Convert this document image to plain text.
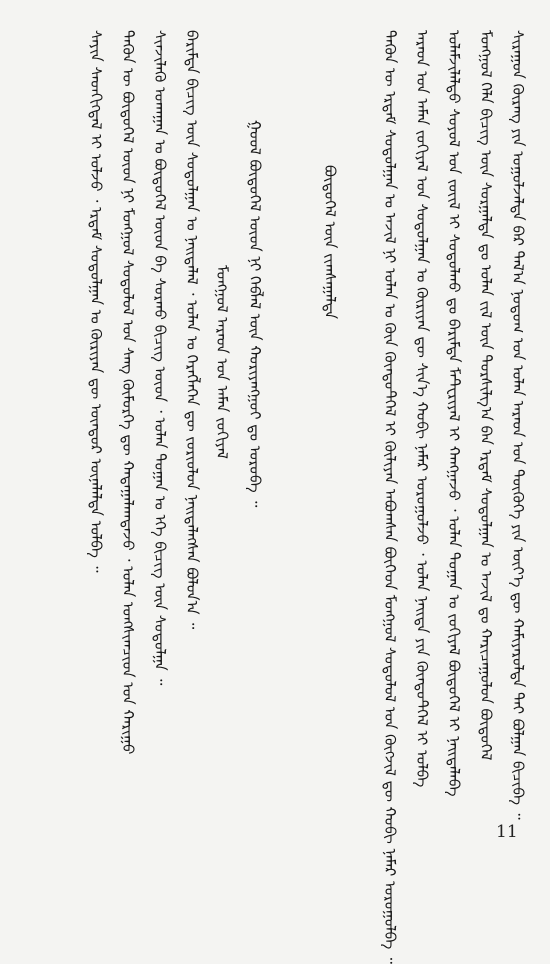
ᠰᠢᠷᠠᠭᠤᠨ ᠬᠦᠷᠡᠩ ᠶᠢᠨ ᠤᠭᠤᠯᠵᠠᠯᠲᠠ ᠪᠡᠷ ᠲᠠᠯ᠎ᠠ ᠨᠤᠲᠤᠭ ᠤᠨ ᠣᠯᠠᠨ ᠠᠷᠠᠳ ᠤᠨ ᠲᠦᠭᠦᠬᠡ ᠶᠢᠨ ᠦᠶ᠎ᠡ ᠳᠦ ᠬᠠᠮᠢᠶᠠᠷᠤᠯᠲᠠ ᠲᠠᠢ ᠪᠣᠯᠭᠠᠨ ᠪᠢᠴᠢᠪᠡ ᠃
ᠮᠣᠩᠭᠣᠯ ᠬᠡᠯᠡ ᠪᠢᠴᠢᠭ ᠦᠨ ᠰᠤᠷᠭᠠᠯᠲᠠ ᠳᠤ ᠣᠯᠠᠨ ᠵᠢᠯ ᠦᠨ ᠲᠤᠷᠰᠢᠯᠭ᠎ᠠ ᠪᠠᠨ ᠡᠷᠳᠡᠮ ᠰᠤᠳᠤᠯᠭᠠᠨ ᠤ ᠠᠵᠢᠯ ᠳᠤ ᠬᠠᠷᠢᠴᠠᠭᠤᠯᠤᠨ ᠪᠦᠲᠦᠭᠡᠯ
ᠤᠯᠠᠮᠵᠢᠯᠠᠯᠲᠤ ᠰᠣᠶᠣᠯ ᠤᠨ ᠵᠦᠢᠯ ᠢ ᠰᠤᠳᠤᠯᠬᠤ ᠳᠤ ᠪᠠᠷᠢᠮᠲᠠ ᠮᠠᠲᠧᠷᠢᠶᠠᠯ ᠢ ᠬᠠᠩᠭᠠᠵᠤ ᠂ ᠣᠯᠠᠨ ᠲᠣᠭᠠᠨ ᠤ ᠵᠣᠬᠢᠶᠠᠯ ᠪᠦᠲᠦᠭᠡᠯ ᠢ ᠨᠡᠢᠲᠡᠯᠡᠪᠡ
ᠠᠷᠠᠳ ᠤᠨ ᠠᠮᠠᠨ ᠵᠣᠬᠢᠶᠠᠯ ᠤᠨ ᠰᠤᠳᠤᠯᠭᠠᠨ ᠤ ᠬᠦᠷᠢᠶᠡᠨ ᠳᠦ ᠰᠢᠨ᠎ᠡ ᠬᠤᠪᠢ ᠨᠡᠮᠡᠷ ᠣᠷᠤᠭᠤᠯᠵᠤ ᠂ ᠣᠯᠠᠨ ᠨᠡᠢᠲᠡ ᠶᠢᠨ ᠬᠦᠨᠳᠦᠲᠭᠡᠯ ᠢ ᠣᠯᠪᠠ
ᠲᠡᠭᠦᠨ ᠦ ᠡᠷᠳᠡᠮ ᠰᠤᠳᠤᠯᠭᠠᠨ ᠤ ᠠᠵᠢᠯ ᠨᠢ ᠣᠯᠠᠨ ᠤ ᠭᠦᠨ ᠬᠦᠨᠳᠦᠲᠭᠡᠯ ᠢ ᠬᠦᠯᠢᠶᠡᠨ ᠠᠪᠤᠭᠰᠠᠨ ᠪᠥᠭᠡᠳ ᠮᠣᠩᠭᠣᠯ ᠰᠤᠳᠤᠯᠤᠯ ᠤᠨ ᠬᠥᠭᠵᠢᠯ ᠳᠦ ᠬᠤᠪᠢ ᠨᠡᠮᠡᠷ ᠣᠷᠤᠭᠤᠯᠪᠠ ᠃
ᠪᠦᠲᠦᠭᠡᠯ ᠦᠨ ᠵᠢᠭᠰᠠᠭᠠᠯᠲᠠ
ᠭᠣᠣᠯ ᠪᠦᠲᠦᠭᠡᠯ ᠦᠳ ᠨᠢ ᠬᠡᠪᠯᠡᠯ ᠦᠨ ᠬᠤᠷᠢᠶᠠᠩᠭᠤᠢ ᠳᠤ ᠣᠷᠤᠪᠠ ᠃
ᠮᠣᠩᠭᠣᠯ ᠠᠷᠠᠳ ᠤᠨ ᠠᠮᠠᠨ ᠵᠣᠬᠢᠶᠠᠯ
ᠪᠠᠷᠢᠮᠲᠠ ᠪᠢᠴᠢᠭ ᠦᠨ ᠰᠤᠳᠤᠯᠭᠠᠨ ᠤ ᠨᠡᠢᠲᠡᠯᠡᠯ ᠂ ᠣᠯᠠᠨ ᠤ ᠬᠡᠷᠡᠭᠯᠡᠭᠡᠨ ᠳᠦ ᠵᠣᠷᠢᠤᠯᠤᠨ ᠨᠡᠢᠲᠡᠯᠡᠭᠰᠡᠨ ᠪᠣᠯᠤᠨ᠎ᠠ ᠃
ᠰᠢᠨᠵᠢᠯᠡᠬᠦ ᠤᠬᠠᠭᠠᠨ ᠤ ᠪᠦᠲᠦᠭᠡᠯ ᠦᠳ ᠪᠠ ᠰᠤᠷᠬᠤ ᠪᠢᠴᠢᠭ ᠦᠳ ᠂ ᠣᠯᠠᠨ ᠲᠣᠭᠠᠨ ᠤ ᠡᠬᠡ ᠪᠢᠴᠢᠭ ᠦᠨ ᠰᠤᠳᠤᠯᠭᠠ ᠃
ᠲᠡᠭᠦᠨ ᠦ ᠪᠦᠲᠦᠭᠡᠯ ᠦᠳ ᠨᠢ ᠮᠣᠩᠭᠣᠯ ᠰᠤᠳᠤᠯᠤᠯ ᠤᠨ ᠰᠠᠩ ᠬᠥᠮᠥᠷᠭᠡ ᠳᠦ ᠬᠠᠳᠠᠭᠠᠯᠠᠭᠳᠠᠵᠤ ᠂ ᠣᠯᠠᠨ ᠤᠩᠰᠢᠭᠴᠢᠳ ᠤᠨ ᠬᠠᠷᠢᠭᠤ
ᠰᠠᠶᠢᠨ ᠰᠡᠳᠬᠢᠭᠳᠡᠯ ᠢ ᠣᠯᠵᠤ ᠂ ᠡᠷᠳᠡᠮ ᠰᠤᠳᠤᠯᠭᠠᠨ ᠤ ᠬᠦᠷᠢᠶᠡᠨ ᠳᠦ ᠥᠨᠳᠦᠷ ᠦᠨᠡᠯᠡᠯᠲᠡ ᠣᠯᠪᠠ ᠃
11
